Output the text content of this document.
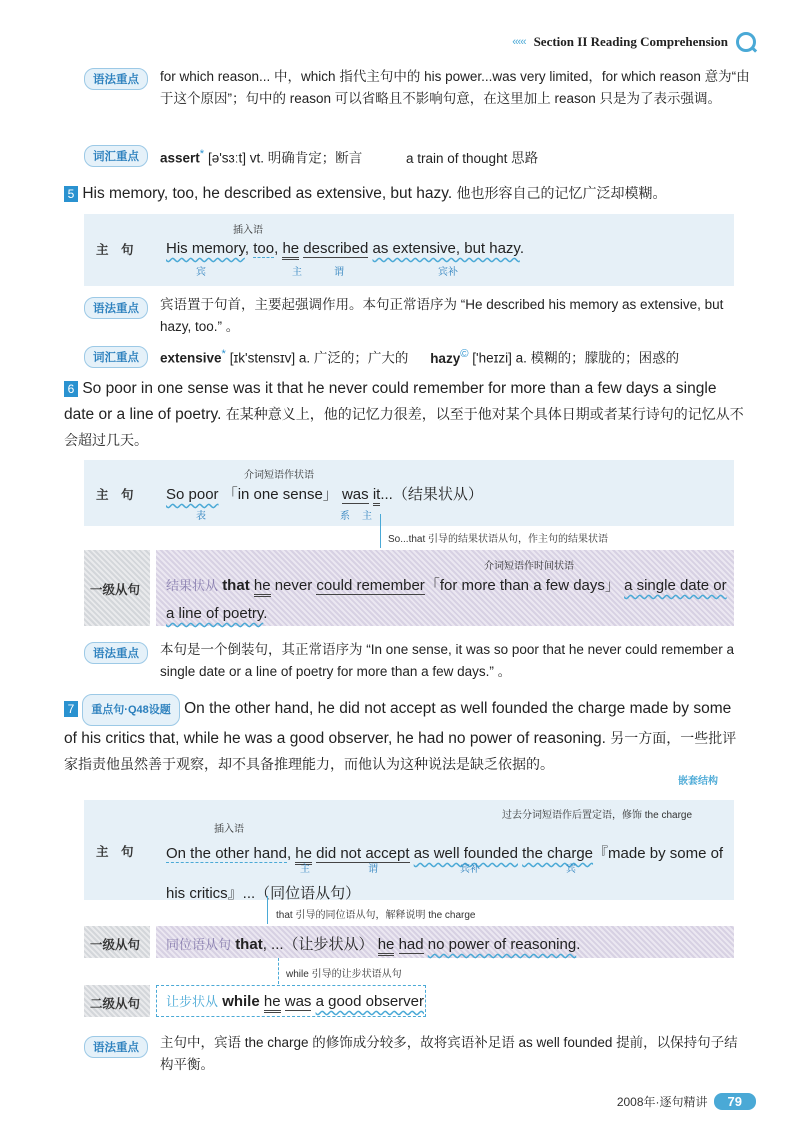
‹‹‹‹‹ Section II Reading Comprehension
语法重点	for which reason... 中，which 指代主句中的 his power...was very limited，for which reason 意为“由于这个原因”；句中的 reason 可以省略且不影响句意，在这里加上 reason 只是为了表示强调。
词汇重点	assert* [ə'sɜːt] vt. 明确肯定；断言	a train of thought 思路
5 His memory, too, he described as extensive, but hazy. 他也形容自己的记忆广泛却模糊。
主　句
插入语
His memory, too, he described as extensive, but hazy.
宾	主	谓	宾补
语法重点	宾语置于句首，主要起强调作用。本句正常语序为 “He described his memory as extensive, but hazy, too.” 。
词汇重点	extensive* [ɪk'stensɪv] a. 广泛的；广大的 hazy© ['heɪzi] a. 模糊的；朦胧的；困惑的
6 So poor in one sense was it that he never could remember for more than a few days a single date or a line of poetry. 在某种意义上，他的记忆力很差，以至于他对某个具体日期或者某行诗句的记忆从不会超过几天。
主　句
介词短语作状语
So poor 「in one sense」 was it...（结果状从）
表	系 主
So...that 引导的结果状语从句，作主句的结果状语
一级从句
介词短语作时间状语
结果状从 that he never could remember「for more than a few days」 a single date or a line of poetry.
语法重点	本句是一个倒装句，其正常语序为 “In one sense, it was so poor that he never could remember a single date or a line of poetry for more than a few days.” 。
7 重点句·Q48设题 On the other hand, he did not accept as well founded the charge made by some of his critics that, while he was a good observer, he had no power of reasoning. 另一方面，一些批评家指责他虽然善于观察，却不具备推理能力，而他认为这种说法是缺乏依据的。
嵌套结构
主　句
插入语
过去分词短语作后置定语，修饰 the charge
On the other hand, he did not accept as well founded the charge『made by some of his critics』...（同位语从句）
主	谓	宾补	宾
that 引导的同位语从句，解释说明 the charge
一级从句 同位语从句 that, ...（让步状从） he had no power of reasoning.
while 引导的让步状语从句
二级从句 让步状从 while he was a good observer
语法重点	主句中，宾语 the charge 的修饰成分较多，故将宾语补足语 as well founded 提前，以保持句子结构平衡。
2008年·逐句精讲	79
